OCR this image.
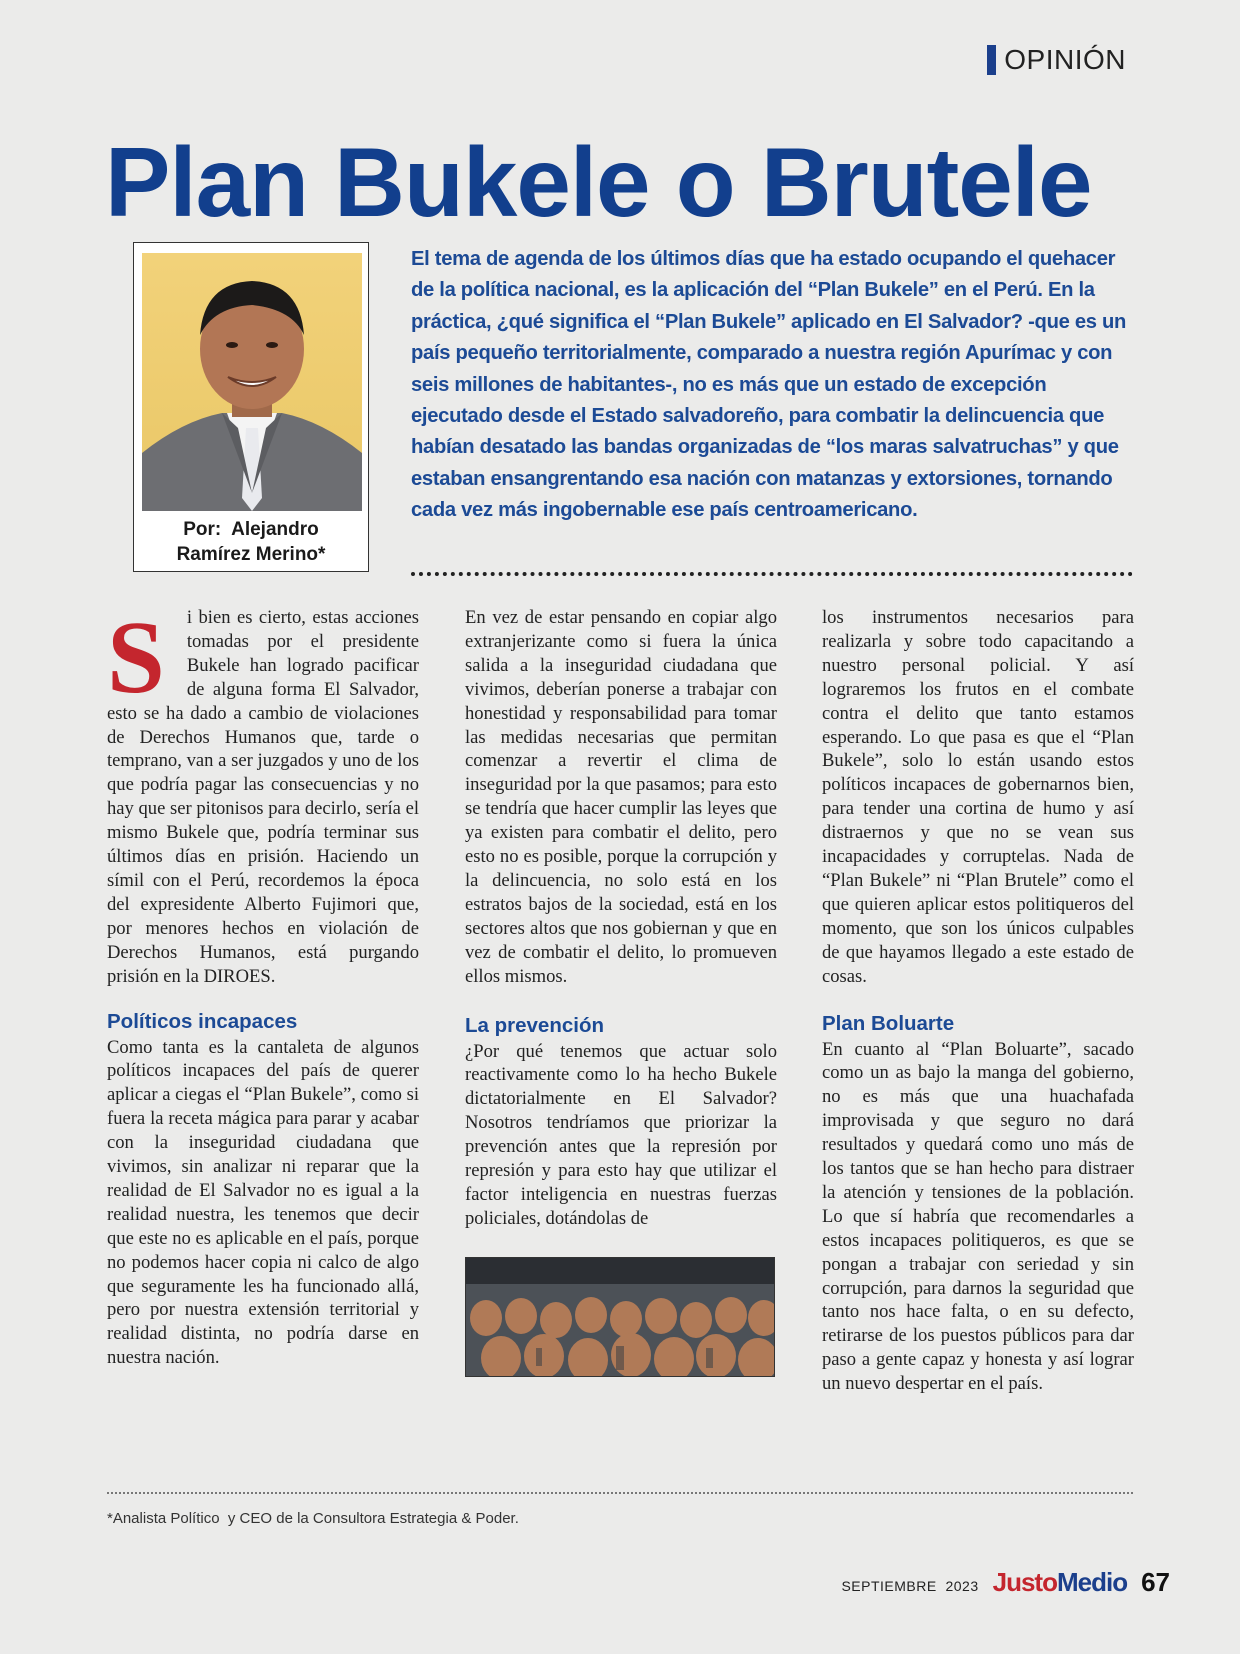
OPINIÓN
Plan Bukele o Brutele
Por:  Alejandro
Ramírez Merino*

El tema de agenda de los últimos días que ha estado ocupando el quehacer de la política nacional, es la aplicación del “Plan Bukele” en el Perú. En la práctica, ¿qué significa el “Plan Bukele” aplicado en El Salvador? -que es un país pequeño territorialmente, comparado a nuestra región Apurímac y con seis millones de habitantes-, no es más que un estado de excepción ejecutado desde el Estado salvadoreño, para combatir la delincuencia que habían desatado las bandas organizadas de “los maras salvatruchas” y que estaban ensangrentando esa nación con matanzas y extorsiones, tornando cada vez más ingobernable ese país centroamericano.

S	i bien es cierto, estas acciones tomadas por el presidente Bukele han logrado pacificar de alguna forma El Salvador, esto se ha dado a cambio de violaciones de Derechos Humanos que, tarde o temprano, van a ser juzgados y uno de los que podría pagar las consecuencias y no hay que ser pitonisos para decirlo, sería el mismo Bukele que, podría terminar sus últimos días en prisión. Haciendo un símil con el Perú, recordemos la época del expresidente Alberto Fujimori que, por menores hechos en violación de Derechos Humanos, está purgando prisión en la DIROES.

Políticos incapaces

Como tanta es la cantaleta de algunos políticos incapaces del país de querer aplicar a ciegas el “Plan Bukele”, como si fuera la receta mágica para parar y acabar con la inseguridad ciudadana que vivimos, sin analizar ni reparar que la realidad de El Salvador no es igual a la realidad nuestra, les tenemos que decir que este no es aplicable en el país, porque no podemos hacer copia ni calco de algo que seguramente les ha funcionado allá, pero por nuestra extensión territorial y realidad distinta, no podría darse en nuestra nación.

En vez de estar pensando en copiar algo extranjerizante como si fuera la única salida a la inseguridad ciudadana que vivimos, deberían ponerse a trabajar con honestidad y responsabilidad para tomar las medidas necesarias que permitan comenzar a revertir el clima de inseguridad por la que pasamos; para esto se tendría que hacer cumplir las leyes que ya existen para combatir el delito, pero esto no es posible, porque la corrupción y la delincuencia, no solo está en los estratos bajos de la sociedad, está en los sectores altos que nos gobiernan y que en vez de combatir el delito, lo promueven ellos mismos.

La prevención

¿Por qué tenemos que actuar solo reactivamente como lo ha hecho Bukele dictatorialmente en El Salvador? Nosotros tendríamos que priorizar la prevención antes que la represión por represión y para esto hay que utilizar el factor inteligencia en nuestras fuerzas policiales, dotándolas de

los instrumentos necesarios para realizarla y sobre todo capacitando a nuestro personal policial. Y así lograremos los frutos en el combate contra el delito que tanto estamos esperando. Lo que pasa es que el “Plan Bukele”, solo lo están usando estos políticos incapaces de gobernarnos bien, para tender una cortina de humo y así distraernos y que no se vean sus incapacidades y corruptelas. Nada de “Plan Bukele” ni “Plan Brutele” como el que quieren aplicar estos politiqueros del momento, que son los únicos culpables de que hayamos llegado a este estado de cosas.

Plan Boluarte

En cuanto al “Plan Boluarte”, sacado como un as bajo la manga del gobierno, no es más que una huachafada improvisada y que seguro no dará resultados y quedará como uno más de los tantos que se han hecho para distraer la atención y tensiones de la población. Lo que sí habría que recomendarles a estos incapaces politiqueros, es que se pongan a trabajar con seriedad y sin corrupción, para darnos la seguridad que tanto nos hace falta, o en su defecto, retirarse de los puestos públicos para dar paso a gente capaz y honesta y así lograr un nuevo despertar en el país.

*Analista Político  y CEO de la Consultora Estrategia & Poder.
SEPTIEMBRE  2023 JustoMedio 67
